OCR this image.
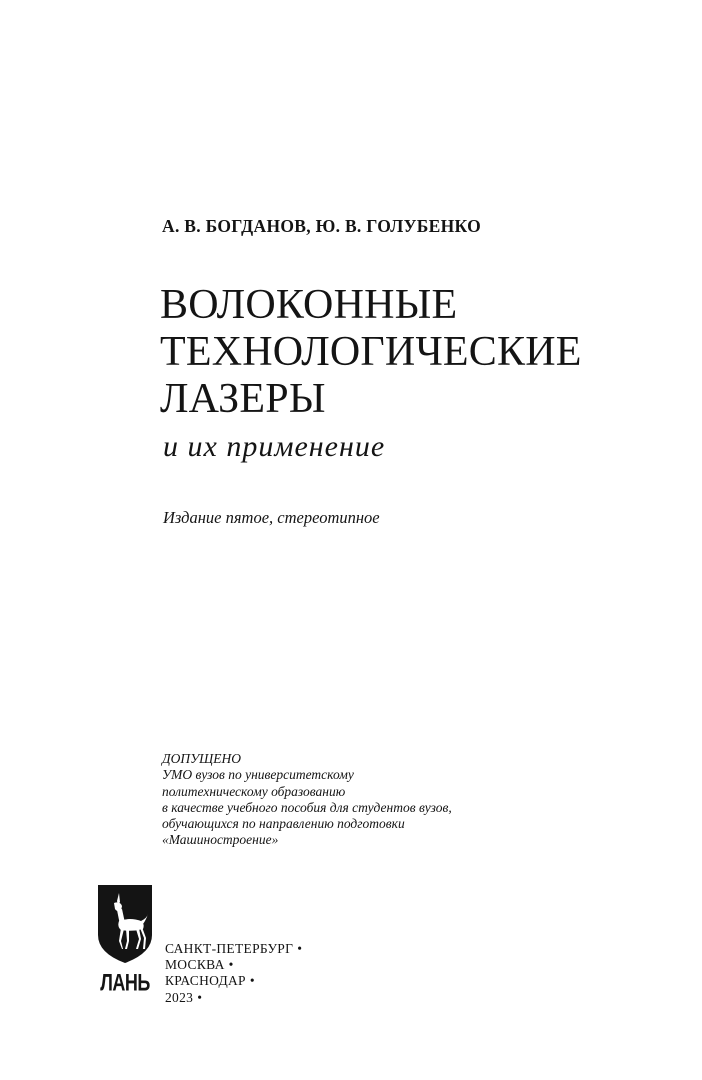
А. В. БОГДАНОВ, Ю. В. ГОЛУБЕНКО
ВОЛОКОННЫЕ
ТЕХНОЛОГИЧЕСКИЕ
ЛАЗЕРЫ
и их применение
Издание пятое, стереотипное
ДОПУЩЕНО
УМО вузов по университетскому
политехническому образованию
в качестве учебного пособия для студентов вузов,
обучающихся по направлению подготовки
«Машиностроение»
ЛАНЬ
САНКТ-ПЕТЕРБУРГ •
МОСКВА •
КРАСНОДАР •
2023 •
